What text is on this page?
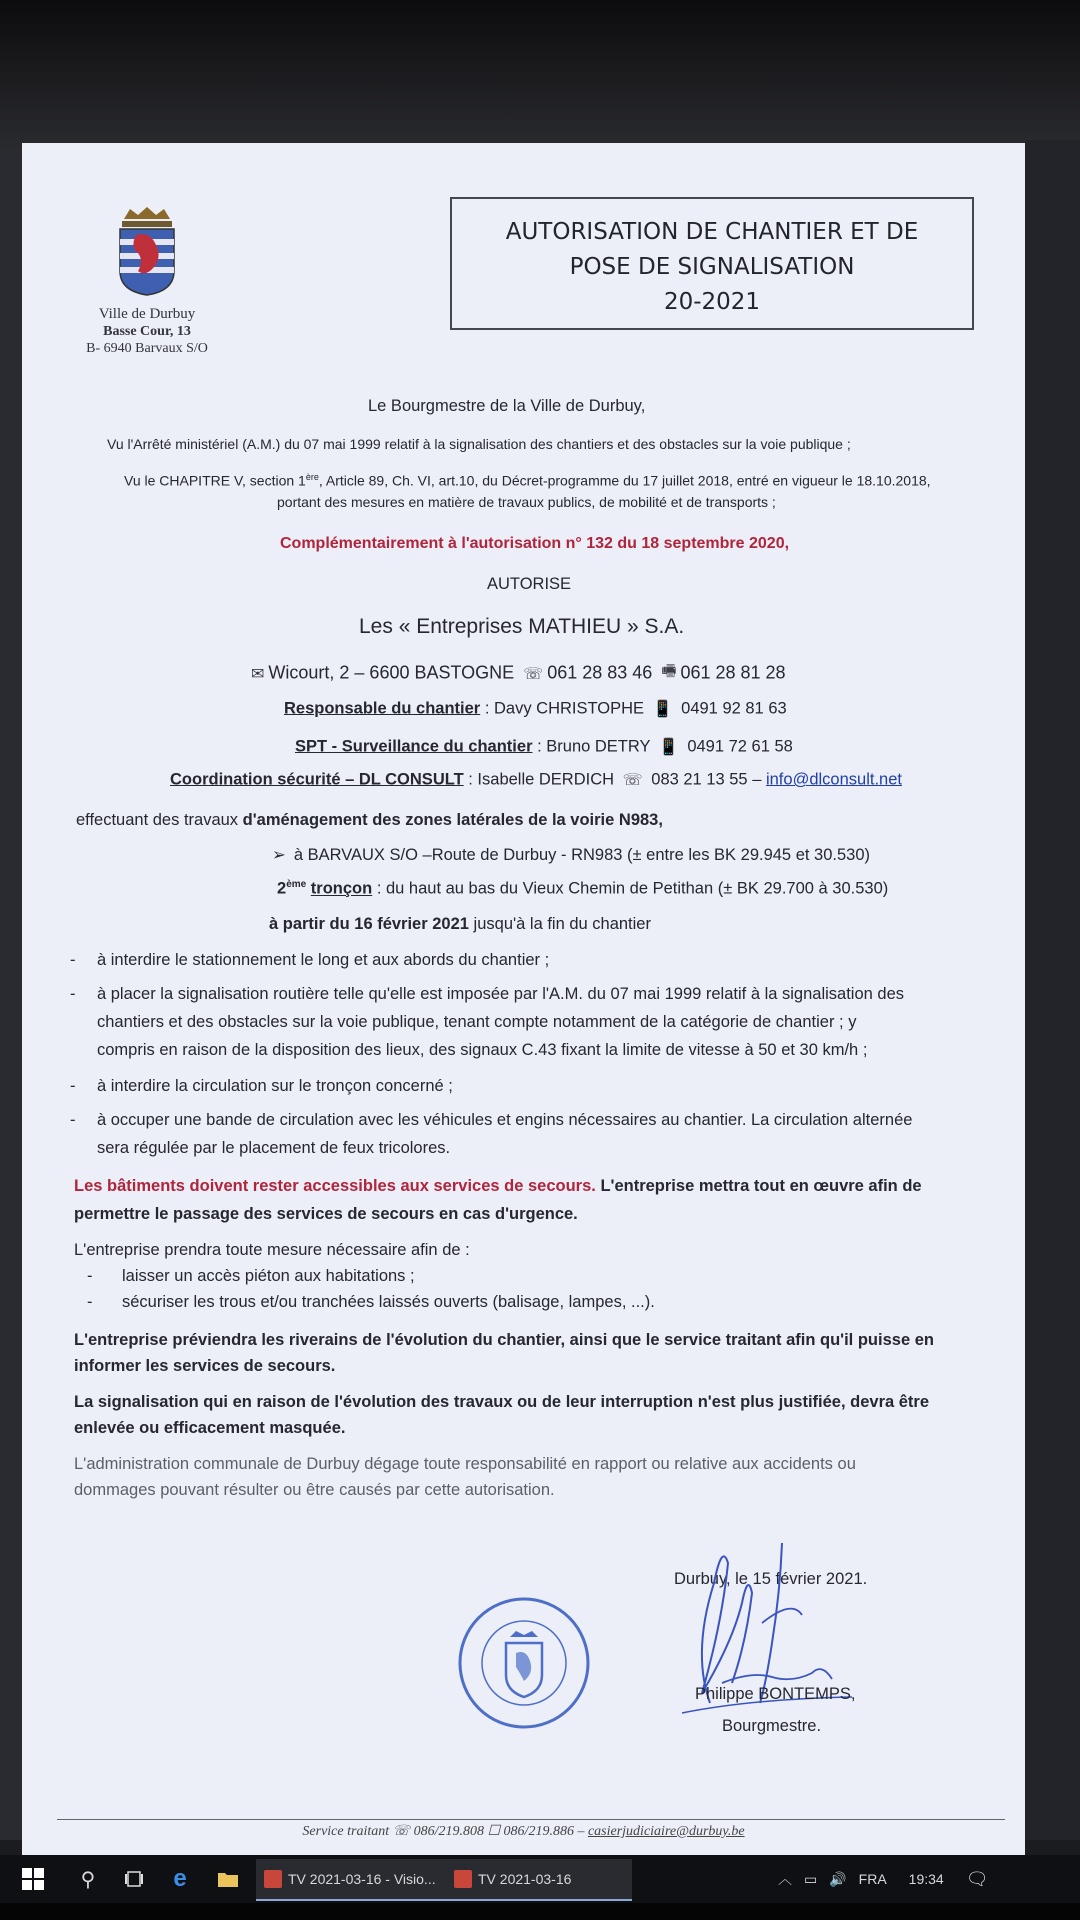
Ville de Durbuy
Basse Cour, 13
B- 6940 Barvaux S/O
AUTORISATION DE CHANTIER ET DE
POSE DE SIGNALISATION
20-2021
Le Bourgmestre de la Ville de Durbuy,
Vu l'Arrêté ministériel (A.M.) du 07 mai 1999 relatif à la signalisation des chantiers et des obstacles sur la voie publique ;
Vu le CHAPITRE V, section 1ère, Article 89, Ch. VI, art.10, du Décret-programme du 17 juillet 2018, entré en vigueur le 18.10.2018,
portant des mesures en matière de travaux publics, de mobilité et de transports ;
Complémentairement à l'autorisation n° 132 du 18 septembre 2020,
AUTORISE
Les « Entreprises MATHIEU » S.A.
✉ Wicourt, 2 – 6600 BASTOGNE ☏ 061 28 83 46 🖷 061 28 81 28
Responsable du chantier : Davy CHRISTOPHE 📱 0491 92 81 63
SPT - Surveillance du chantier : Bruno DETRY 📱 0491 72 61 58
Coordination sécurité – DL CONSULT : Isabelle DERDICH ☏ 083 21 13 55 – info@dlconsult.net
effectuant des travaux d'aménagement des zones latérales de la voirie N983,
➢ à BARVAUX S/O –Route de Durbuy - RN983 (± entre les BK 29.945 et 30.530)
2ème tronçon : du haut au bas du Vieux Chemin de Petithan (± BK 29.700 à 30.530)
à partir du 16 février 2021 jusqu'à la fin du chantier
- à interdire le stationnement le long et aux abords du chantier ;
- à placer la signalisation routière telle qu'elle est imposée par l'A.M. du 07 mai 1999 relatif à la signalisation des
chantiers et des obstacles sur la voie publique, tenant compte notamment de la catégorie de chantier ; y
compris en raison de la disposition des lieux, des signaux C.43 fixant la limite de vitesse à 50 et 30 km/h ;
- à interdire la circulation sur le tronçon concerné ;
- à occuper une bande de circulation avec les véhicules et engins nécessaires au chantier. La circulation alternée
sera régulée par le placement de feux tricolores.
Les bâtiments doivent rester accessibles aux services de secours. L'entreprise mettra tout en œuvre afin de
permettre le passage des services de secours en cas d'urgence.
L'entreprise prendra toute mesure nécessaire afin de :
- laisser un accès piéton aux habitations ;
- sécuriser les trous et/ou tranchées laissés ouverts (balisage, lampes, ...).
L'entreprise préviendra les riverains de l'évolution du chantier, ainsi que le service traitant afin qu'il puisse en
informer les services de secours.
La signalisation qui en raison de l'évolution des travaux ou de leur interruption n'est plus justifiée, devra être
enlevée ou efficacement masquée.
L'administration communale de Durbuy dégage toute responsabilité en rapport ou relative aux accidents ou
dommages pouvant résulter ou être causés par cette autorisation.
Durbuy, le 15 février 2021.
Philippe BONTEMPS,
Bourgmestre.
Service traitant ☏ 086/219.808 ☐ 086/219.886 – casierjudiciaire@durbuy.be
⚲	e	TV 2021-03-16 - Visio...	TV 2021-03-16	︿ ▭ 🔊 FRA 19:34 🗨
